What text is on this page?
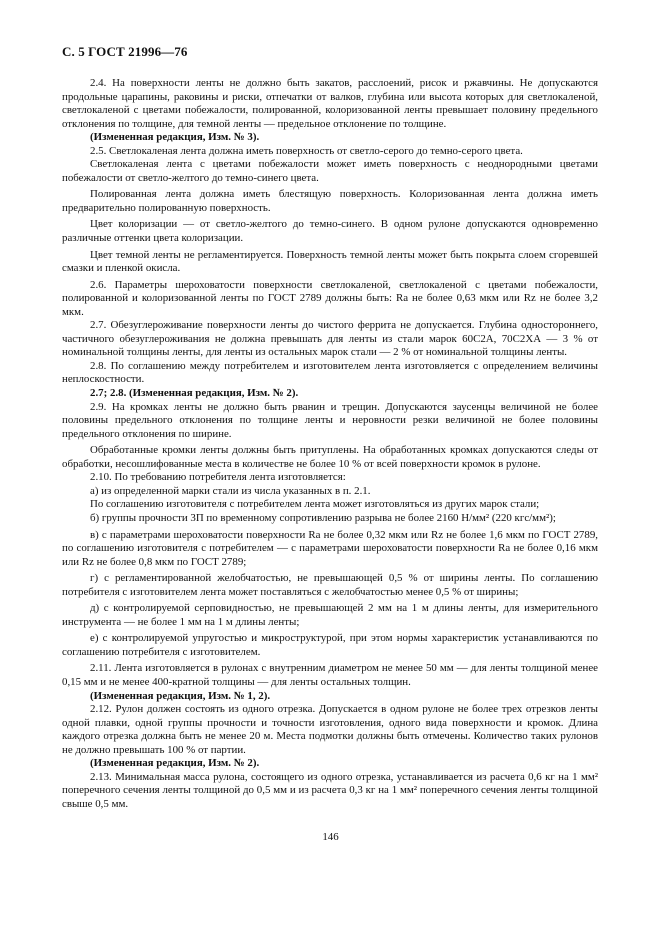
С. 5 ГОСТ 21996—76

2.4. На поверхности ленты не должно быть закатов, расслоений, рисок и ржавчины. Не допускаются продольные царапины, раковины и риски, отпечатки от валков, глубина или высота которых для светлокаленой, светлокаленой с цветами побежалости, полированной, колоризованной ленты превышает половину предельного отклонения по толщине, для темной ленты — предельное отклонение по толщине.

(Измененная редакция, Изм. № 3).

2.5. Светлокаленая лента должна иметь поверхность от светло-серого до темно-серого цвета.

Светлокаленая лента с цветами побежалости может иметь поверхность с неоднородными цветами побежалости от светло-желтого до темно-синего цвета.

Полированная лента должна иметь блестящую поверхность. Колоризованная лента должна иметь предварительно полированную поверхность.

Цвет колоризации — от светло-желтого до темно-синего. В одном рулоне допускаются одновременно различные оттенки цвета колоризации.

Цвет темной ленты не регламентируется. Поверхность темной ленты может быть покрыта слоем сгоревшей смазки и пленкой окисла.

2.6. Параметры шероховатости поверхности светлокаленой, светлокаленой с цветами побежалости, полированной и колоризованной ленты по ГОСТ 2789 должны быть: Ra не более 0,63 мкм или Rz не более 3,2 мкм.

2.7. Обезуглероживание поверхности ленты до чистого феррита не допускается. Глубина одностороннего, частичного обезуглероживания не должна превышать для ленты из стали марок 60С2А, 70С2ХА — 3 % от номинальной толщины ленты, для ленты из остальных марок стали — 2 % от номинальной толщины ленты.

2.8. По соглашению между потребителем и изготовителем лента изготовляется с определением величины неплоскостности.

2.7; 2.8. (Измененная редакция, Изм. № 2).

2.9. На кромках ленты не должно быть рванин и трещин. Допускаются заусенцы величиной не более половины предельного отклонения по толщине ленты и неровности резки величиной не более половины предельного отклонения по ширине.

Обработанные кромки ленты должны быть притуплены. На обработанных кромках допускаются следы от обработки, несошлифованные места в количестве не более 10 % от всей поверхности кромок в рулоне.

2.10. По требованию потребителя лента изготовляется:

а) из определенной марки стали из числа указанных в п. 2.1.

По соглашению изготовителя с потребителем лента может изготовляться из других марок стали;

б) группы прочности 3П по временному сопротивлению разрыва не более 2160 Н/мм² (220 кгс/мм²);

в) с параметрами шероховатости поверхности Ra не более 0,32 мкм или Rz не более 1,6 мкм по ГОСТ 2789, по соглашению изготовителя с потребителем — с параметрами шероховатости поверхности Ra не более 0,16 мкм или Rz не более 0,8 мкм по ГОСТ 2789;

г) с регламентированной желобчатостью, не превышающей 0,5 % от ширины ленты. По соглашению потребителя с изготовителем лента может поставляться с желобчатостью менее 0,5 % от ширины;

д) с контролируемой серповидностью, не превышающей 2 мм на 1 м длины ленты, для измерительного инструмента — не более 1 мм на 1 м длины ленты;

е) с контролируемой упругостью и микроструктурой, при этом нормы характеристик устанавливаются по соглашению потребителя с изготовителем.

2.11. Лента изготовляется в рулонах с внутренним диаметром не менее 50 мм — для ленты толщиной менее 0,15 мм и не менее 400-кратной толщины — для ленты остальных толщин.

(Измененная редакция, Изм. № 1, 2).

2.12. Рулон должен состоять из одного отрезка. Допускается в одном рулоне не более трех отрезков ленты одной плавки, одной группы прочности и точности изготовления, одного вида поверхности и кромок. Длина каждого отрезка должна быть не менее 20 м. Места подмотки должны быть отмечены. Количество таких рулонов не должно превышать 100 % от партии.

(Измененная редакция, Изм. № 2).

2.13. Минимальная масса рулона, состоящего из одного отрезка, устанавливается из расчета 0,6 кг на 1 мм² поперечного сечения ленты толщиной до 0,5 мм и из расчета 0,3 кг на 1 мм² поперечного сечения ленты толщиной свыше 0,5 мм.

146
